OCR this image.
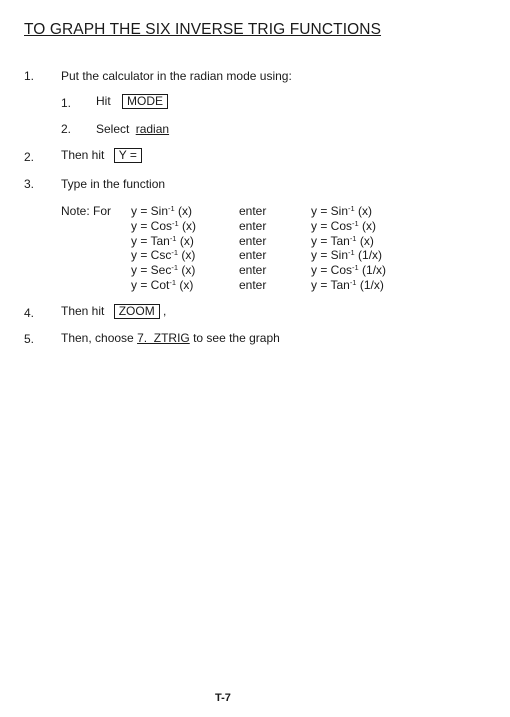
TO GRAPH THE SIX INVERSE TRIG FUNCTIONS
1. Put the calculator in the radian mode using:
1. Hit MODE
2. Select radian
2. Then hit Y =
3. Type in the function
Note: For y = Sin$^{-1}$ (x)
y = Cos$^{-1}$ (x)
y = Tan$^{-1}$ (x)
y = Csc$^{-1}$ (x)
y = Sec$^{-1}$ (x)
y = Cot$^{-1}$ (x)
enter
enter
enter
enter
enter
enter
y = Sin$^{-1}$ (x)
y = Cos$^{-1}$ (x)
y = Tan$^{-1}$ (x)
y = Sin$^{-1}$ (1/x)
y = Cos$^{-1}$ (1/x)
y = Tan$^{-1}$ (1/x)
4. Then hit ZOOM ,
5. Then, choose 7.  ZTRIG to see the graph
T-7
